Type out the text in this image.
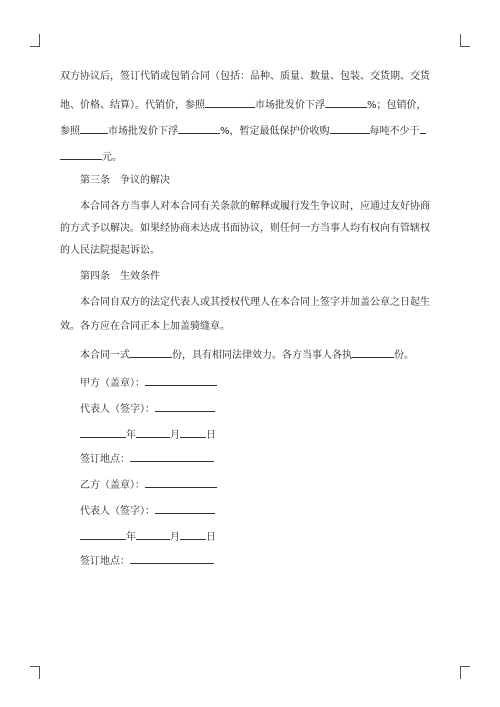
双方协议后，签订代销或包销合同（包括：品种、质量、数量、包装、交货期、交货
地、价格、结算）。代销价，参照	市场批发价下浮	%；包销价，
参照	市场批发价下浮	%，暂定最低保护价收购	每吨不少于
元。
第三条　争议的解决
本合同各方当事人对本合同有关条款的解释或履行发生争议时，应通过友好协商
的方式予以解决。如果经协商未达成书面协议，则任何一方当事人均有权向有管辖权
的人民法院提起诉讼。
第四条　生效条件
本合同自双方的法定代表人或其授权代理人在本合同上签字并加盖公章之日起生
效。各方应在合同正本上加盖骑缝章。
本合同一式	份，具有相同法律效力。各方当事人各执	份。
甲方（盖章）：
代表人（签字）：
年	月	日
签订地点：
乙方（盖章）：
代表人（签字）：
年	月	日
签订地点：
